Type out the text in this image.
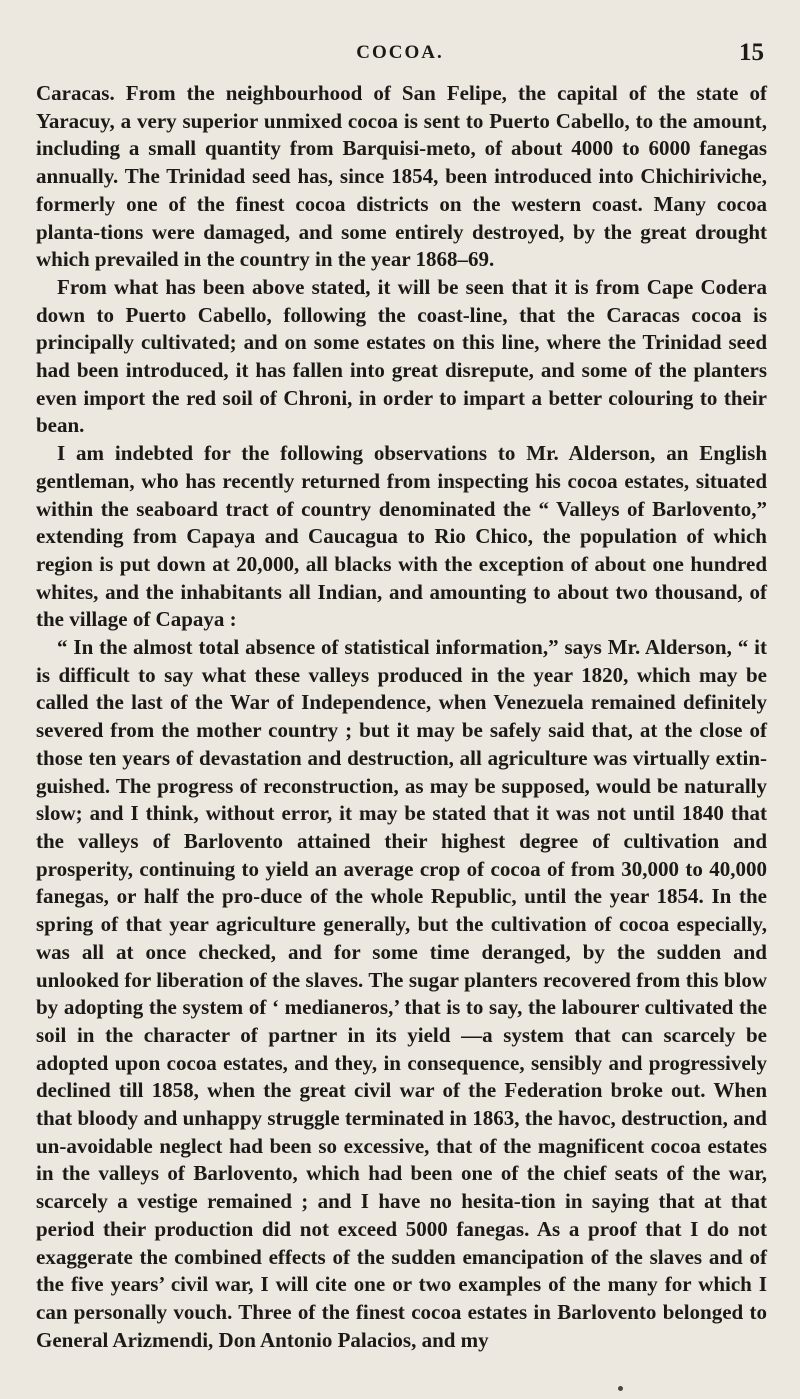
COCOA.	15

Caracas. From the neighbourhood of San Felipe, the capital of the state of Yaracuy, a very superior unmixed cocoa is sent to Puerto Cabello, to the amount, including a small quantity from Barquisi-meto, of about 4000 to 6000 fanegas annually. The Trinidad seed has, since 1854, been introduced into Chichiriviche, formerly one of the finest cocoa districts on the western coast. Many cocoa planta-tions were damaged, and some entirely destroyed, by the great drought which prevailed in the country in the year 1868–69.

From what has been above stated, it will be seen that it is from Cape Codera down to Puerto Cabello, following the coast-line, that the Caracas cocoa is principally cultivated; and on some estates on this line, where the Trinidad seed had been introduced, it has fallen into great disrepute, and some of the planters even import the red soil of Chroni, in order to impart a better colouring to their bean.

I am indebted for the following observations to Mr. Alderson, an English gentleman, who has recently returned from inspecting his cocoa estates, situated within the seaboard tract of country denominated the “ Valleys of Barlovento,” extending from Capaya and Caucagua to Rio Chico, the population of which region is put down at 20,000, all blacks with the exception of about one hundred whites, and the inhabitants all Indian, and amounting to about two thousand, of the village of Capaya :

“ In the almost total absence of statistical information,” says Mr. Alderson, “ it is difficult to say what these valleys produced in the year 1820, which may be called the last of the War of Independence, when Venezuela remained definitely severed from the mother country ; but it may be safely said that, at the close of those ten years of devastation and destruction, all agriculture was virtually extin-guished. The progress of reconstruction, as may be supposed, would be naturally slow; and I think, without error, it may be stated that it was not until 1840 that the valleys of Barlovento attained their highest degree of cultivation and prosperity, continuing to yield an average crop of cocoa of from 30,000 to 40,000 fanegas, or half the pro-duce of the whole Republic, until the year 1854. In the spring of that year agriculture generally, but the cultivation of cocoa especially, was all at once checked, and for some time deranged, by the sudden and unlooked for liberation of the slaves. The sugar planters recovered from this blow by adopting the system of ‘ medianeros,’ that is to say, the labourer cultivated the soil in the character of partner in its yield —a system that can scarcely be adopted upon cocoa estates, and they, in consequence, sensibly and progressively declined till 1858, when the great civil war of the Federation broke out. When that bloody and unhappy struggle terminated in 1863, the havoc, destruction, and un-avoidable neglect had been so excessive, that of the magnificent cocoa estates in the valleys of Barlovento, which had been one of the chief seats of the war, scarcely a vestige remained ; and I have no hesita-tion in saying that at that period their production did not exceed 5000 fanegas. As a proof that I do not exaggerate the combined effects of the sudden emancipation of the slaves and of the five years’ civil war, I will cite one or two examples of the many for which I can personally vouch. Three of the finest cocoa estates in Barlovento belonged to General Arizmendi, Don Antonio Palacios, and my
